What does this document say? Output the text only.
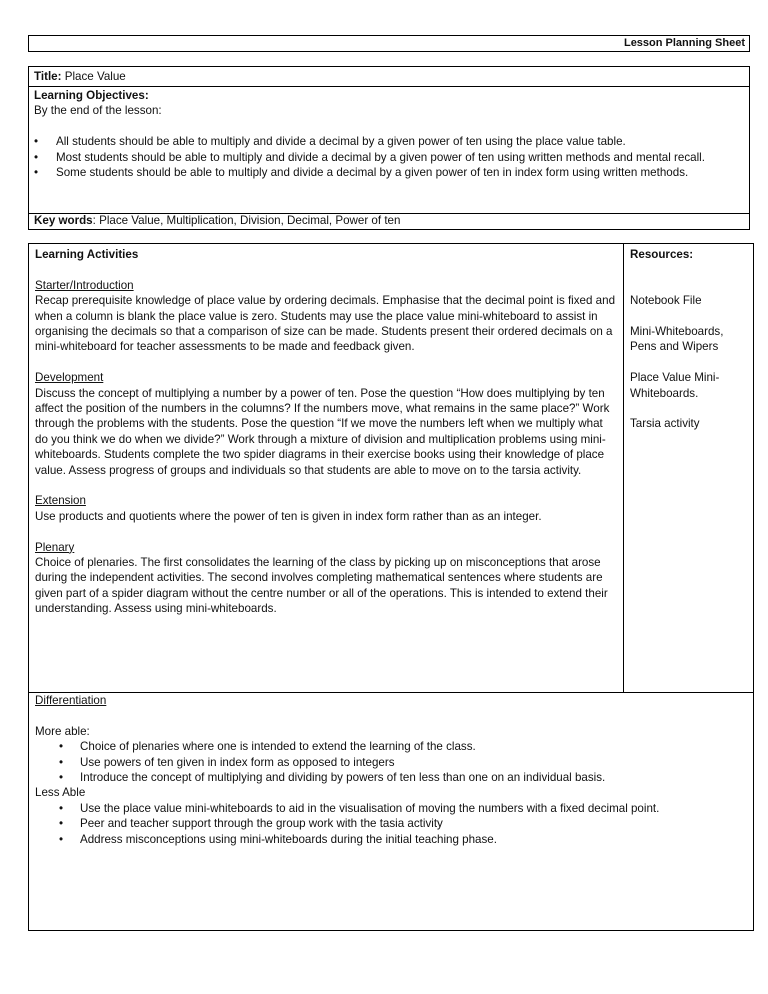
Lesson Planning Sheet
Title: Place Value
Learning Objectives:
By the end of the lesson:
• All students should be able to multiply and divide a decimal by a given power of ten using the place value table.
• Most students should be able to multiply and divide a decimal by a given power of ten using written methods and mental recall.
• Some students should be able to multiply and divide a decimal by a given power of ten in index form using written methods.
Key words: Place Value, Multiplication, Division, Decimal, Power of ten
Learning Activities
Starter/Introduction

Recap prerequisite knowledge of place value by ordering decimals. Emphasise that the decimal point is fixed and when a column is blank the place value is zero. Students may use the place value mini-whiteboard to assist in organising the decimals so that a comparison of size can be made. Students present their ordered decimals on a mini-whiteboard for teacher assessments to be made and feedback given.

Development

Discuss the concept of multiplying a number by a power of ten. Pose the question “How does multiplying by ten affect the position of the numbers in the columns? If the numbers move, what remains in the same place?” Work through the problems with the students. Pose the question “If we move the numbers left when we multiply what do you think we do when we divide?” Work through a mixture of division and multiplication problems using mini-whiteboards. Students complete the two spider diagrams in their exercise books using their knowledge of place value. Assess progress of groups and individuals so that students are able to move on to the tarsia activity.

Extension

Use products and quotients where the power of ten is given in index form rather than as an integer.

Plenary

Choice of plenaries. The first consolidates the learning of the class by picking up on misconceptions that arose during the independent activities. The second involves completing mathematical sentences where students are given part of a spider diagram without the centre number or all of the operations. This is intended to extend their understanding. Assess using mini-whiteboards.

Resources:
Notebook File
Mini-Whiteboards, Pens and Wipers
Place Value Mini-Whiteboards.
Tarsia activity
Differentiation
More able:
• Choice of plenaries where one is intended to extend the learning of the class.
• Use powers of ten given in index form as opposed to integers
• Introduce the concept of multiplying and dividing by powers of ten less than one on an individual basis.
Less Able
• Use the place value mini-whiteboards to aid in the visualisation of moving the numbers with a fixed decimal point.
• Peer and teacher support through the group work with the tasia activity
• Address misconceptions using mini-whiteboards during the initial teaching phase.
